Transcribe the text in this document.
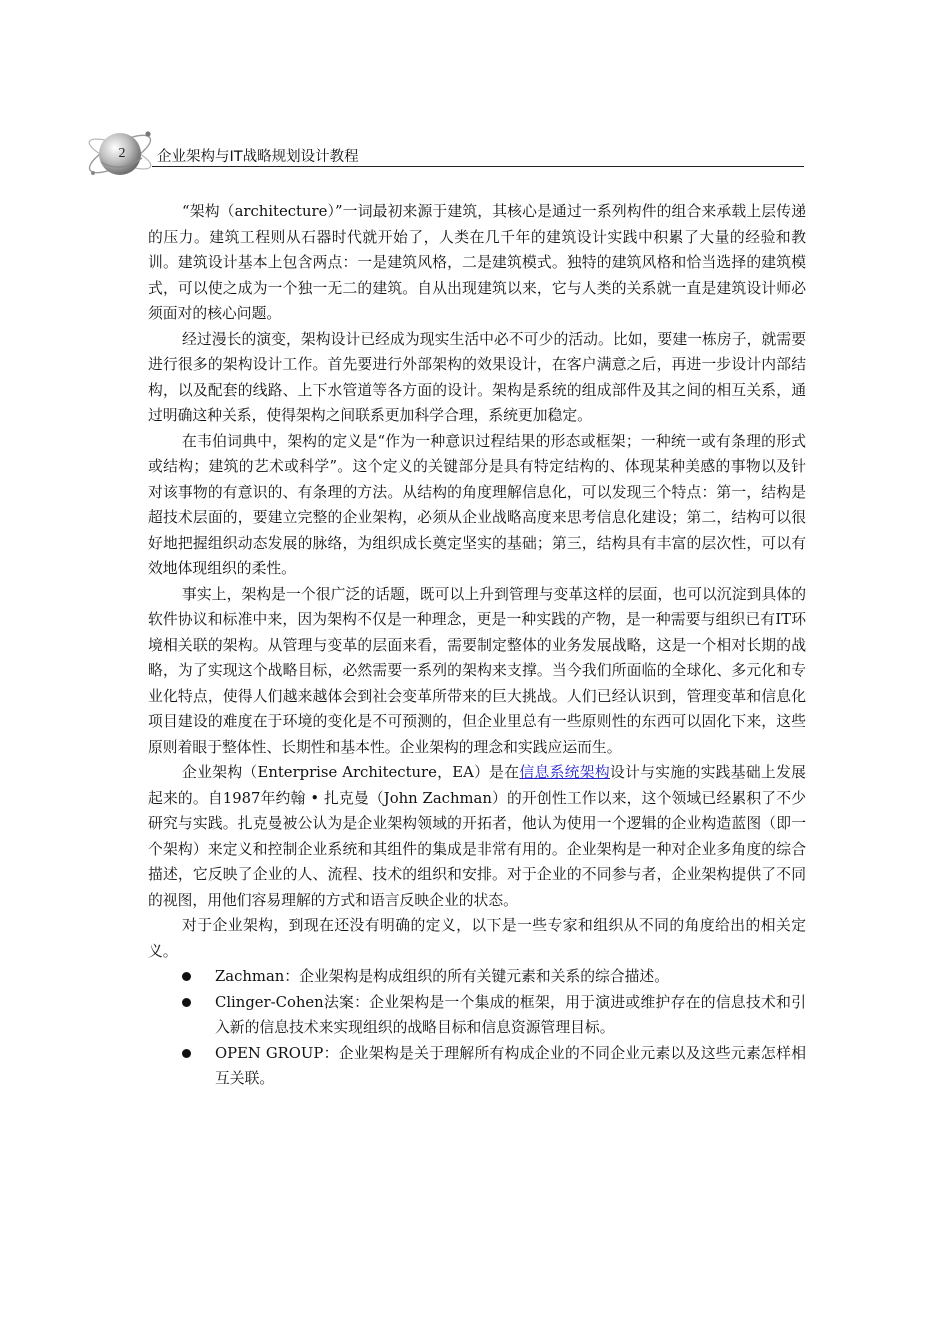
2	企业架构与IT战略规划设计教程

“架构（architecture）”一词最初来源于建筑，其核心是通过一系列构件的组合来承载上层传递的压力。建筑工程则从石器时代就开始了，人类在几千年的建筑设计实践中积累了大量的经验和教训。建筑设计基本上包含两点：一是建筑风格，二是建筑模式。独特的建筑风格和恰当选择的建筑模式，可以使之成为一个独一无二的建筑。自从出现建筑以来，它与人类的关系就一直是建筑设计师必须面对的核心问题。

经过漫长的演变，架构设计已经成为现实生活中必不可少的活动。比如，要建一栋房子，就需要进行很多的架构设计工作。首先要进行外部架构的效果设计，在客户满意之后，再进一步设计内部结构，以及配套的线路、上下水管道等各方面的设计。架构是系统的组成部件及其之间的相互关系，通过明确这种关系，使得架构之间联系更加科学合理，系统更加稳定。

在韦伯词典中，架构的定义是“作为一种意识过程结果的形态或框架；一种统一或有条理的形式或结构；建筑的艺术或科学”。这个定义的关键部分是具有特定结构的、体现某种美感的事物以及针对该事物的有意识的、有条理的方法。从结构的角度理解信息化，可以发现三个特点：第一，结构是超技术层面的，要建立完整的企业架构，必须从企业战略高度来思考信息化建设；第二，结构可以很好地把握组织动态发展的脉络，为组织成长奠定坚实的基础；第三，结构具有丰富的层次性，可以有效地体现组织的柔性。

事实上，架构是一个很广泛的话题，既可以上升到管理与变革这样的层面，也可以沉淀到具体的软件协议和标准中来，因为架构不仅是一种理念，更是一种实践的产物，是一种需要与组织已有IT环境相关联的架构。从管理与变革的层面来看，需要制定整体的业务发展战略，这是一个相对长期的战略，为了实现这个战略目标，必然需要一系列的架构来支撑。当今我们所面临的全球化、多元化和专业化特点，使得人们越来越体会到社会变革所带来的巨大挑战。人们已经认识到，管理变革和信息化项目建设的难度在于环境的变化是不可预测的，但企业里总有一些原则性的东西可以固化下来，这些原则着眼于整体性、长期性和基本性。企业架构的理念和实践应运而生。

企业架构（Enterprise Architecture，EA）是在信息系统架构设计与实施的实践基础上发展起来的。自1987年约翰 • 扎克曼（John Zachman）的开创性工作以来，这个领域已经累积了不少研究与实践。扎克曼被公认为是企业架构领域的开拓者，他认为使用一个逻辑的企业构造蓝图（即一个架构）来定义和控制企业系统和其组件的集成是非常有用的。企业架构是一种对企业多角度的综合描述，它反映了企业的人、流程、技术的组织和安排。对于企业的不同参与者，企业架构提供了不同的视图，用他们容易理解的方式和语言反映企业的状态。

对于企业架构，到现在还没有明确的定义，以下是一些专家和组织从不同的角度给出的相关定义。

Zachman：企业架构是构成组织的所有关键元素和关系的综合描述。
Clinger-Cohen法案：企业架构是一个集成的框架，用于演进或维护存在的信息技术和引入新的信息技术来实现组织的战略目标和信息资源管理目标。
OPEN GROUP：企业架构是关于理解所有构成企业的不同企业元素以及这些元素怎样相互关联。
